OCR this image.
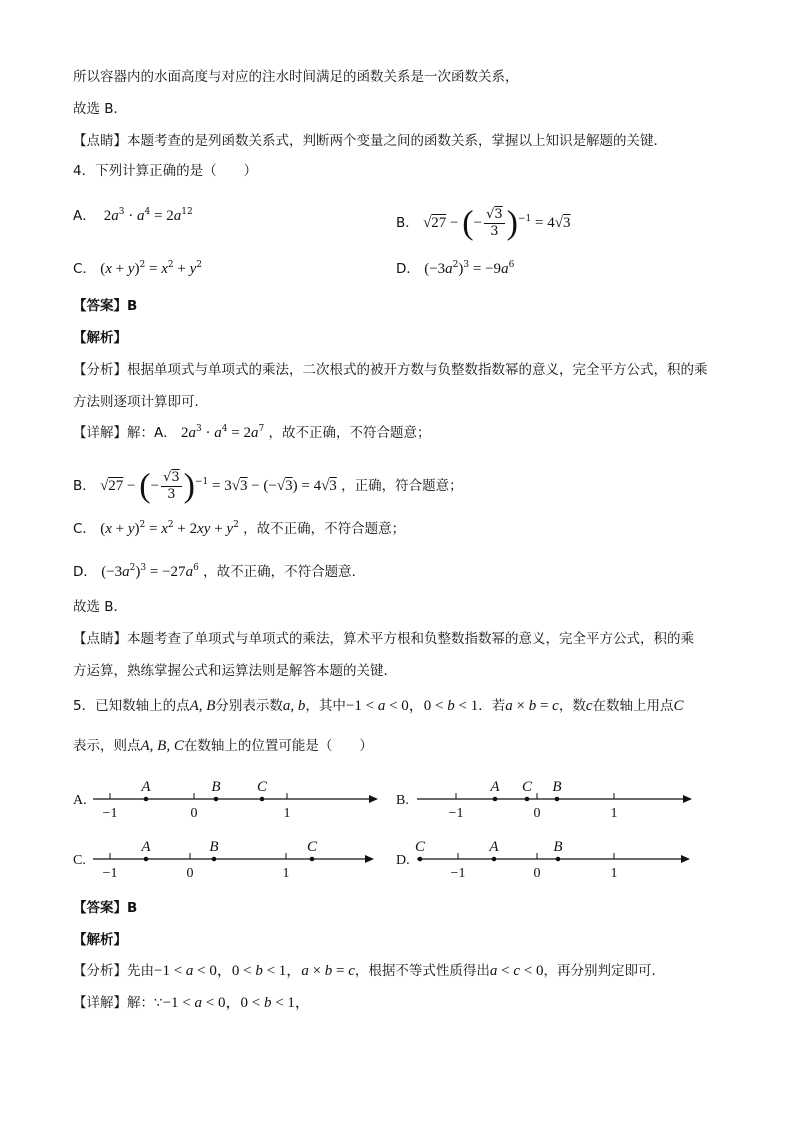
所以容器内的水面高度与对应的注水时间满足的函数关系是一次函数关系，
故选 B．
【点睛】本题考查的是列函数关系式，判断两个变量之间的函数关系，掌握以上知识是解题的关键．
4．下列计算正确的是（　　）
A．  $2a^3 \cdot a^4 = 2a^{12}$
B． √27 − (− $\frac{√3}{3} )^{-1} = 4√3$
C． $(x + y)^2 = x^2 + y^2$	D． $(-3a^2)^3 = -9a^6$
【答案】B
【解析】
【分析】根据单项式与单项式的乘法，二次根式的被开方数与负整数指数幂的意义，完全平方公式，积的乘
方法则逐项计算即可．
【详解】解：A． $2a^3 \cdot a^4 = 2a^7$ ，故不正确，不符合题意；
B． √27 − (− $\frac{√3}{3} )^{-1} = 3√3 - (-√3) = 4√3$ ，正确，符合题意；
C． $(x + y)^2 = x^2 + 2xy + y^2$ ，故不正确，不符合题意；
D． $(-3a^2)^3 = -27a^6$ ，故不正确，不符合题意．
故选 B．
【点睛】本题考查了单项式与单项式的乘法，算术平方根和负整数指数幂的意义，完全平方公式，积的乘
方运算，熟练掌握公式和运算法则是解答本题的关键．
5．已知数轴上的点A, B分别表示数a, b，其中−1 < a < 0，0 < b < 1．若a × b = c，数c在数轴上用点C
表示，则点A, B, C在数轴上的位置可能是（　　）
A.
−1	0	1
A	B C
B.
−1	0	1
A C B
C.
−1	0	1
A	B	C
D.
−1	0	1
C	A	B
【答案】B
【解析】
【分析】先由−1 < a < 0，0 < b < 1，a × b = c，根据不等式性质得出a < c < 0，再分别判定即可．
【详解】解：∵−1 < a < 0，0 < b < 1，
